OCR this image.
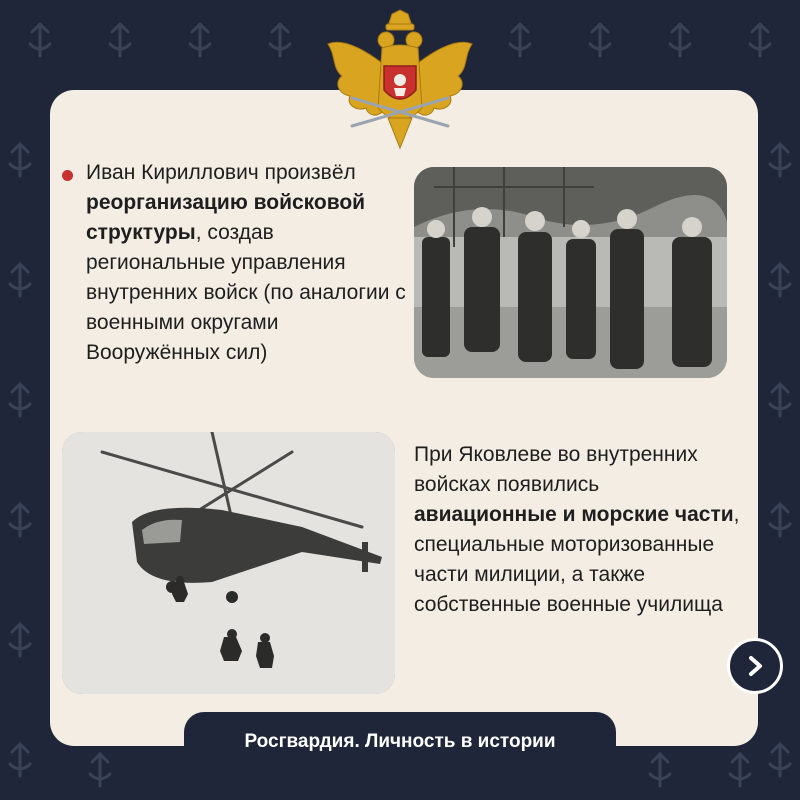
Иван Кириллович произвёл реорганизацию войсковой структуры, создав региональные управления внутренних войск (по аналогии с военными округами Вооружённых сил)
При Яковлеве во внутренних войсках появились авиационные и морские части, специальные моторизованные части милиции, а также собственные военные училища
Росгвардия. Личность в истории
